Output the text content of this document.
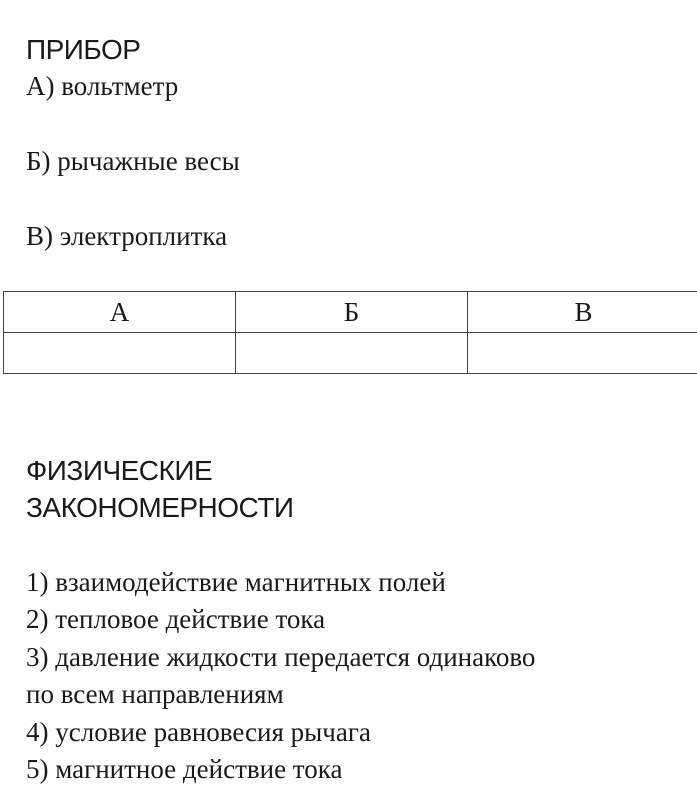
ПРИБОР
А) вольтметр
Б) рычажные весы
В) электроплитка
А	Б	В

ФИЗИЧЕСКИЕ
ЗАКОНОМЕРНОСТИ
1) взаимодействие магнитных полей
2) тепловое действие тока
3) давление жидкости передается одинаково
по всем направлениям
4) условие равновесия рычага
5) магнитное действие тока
